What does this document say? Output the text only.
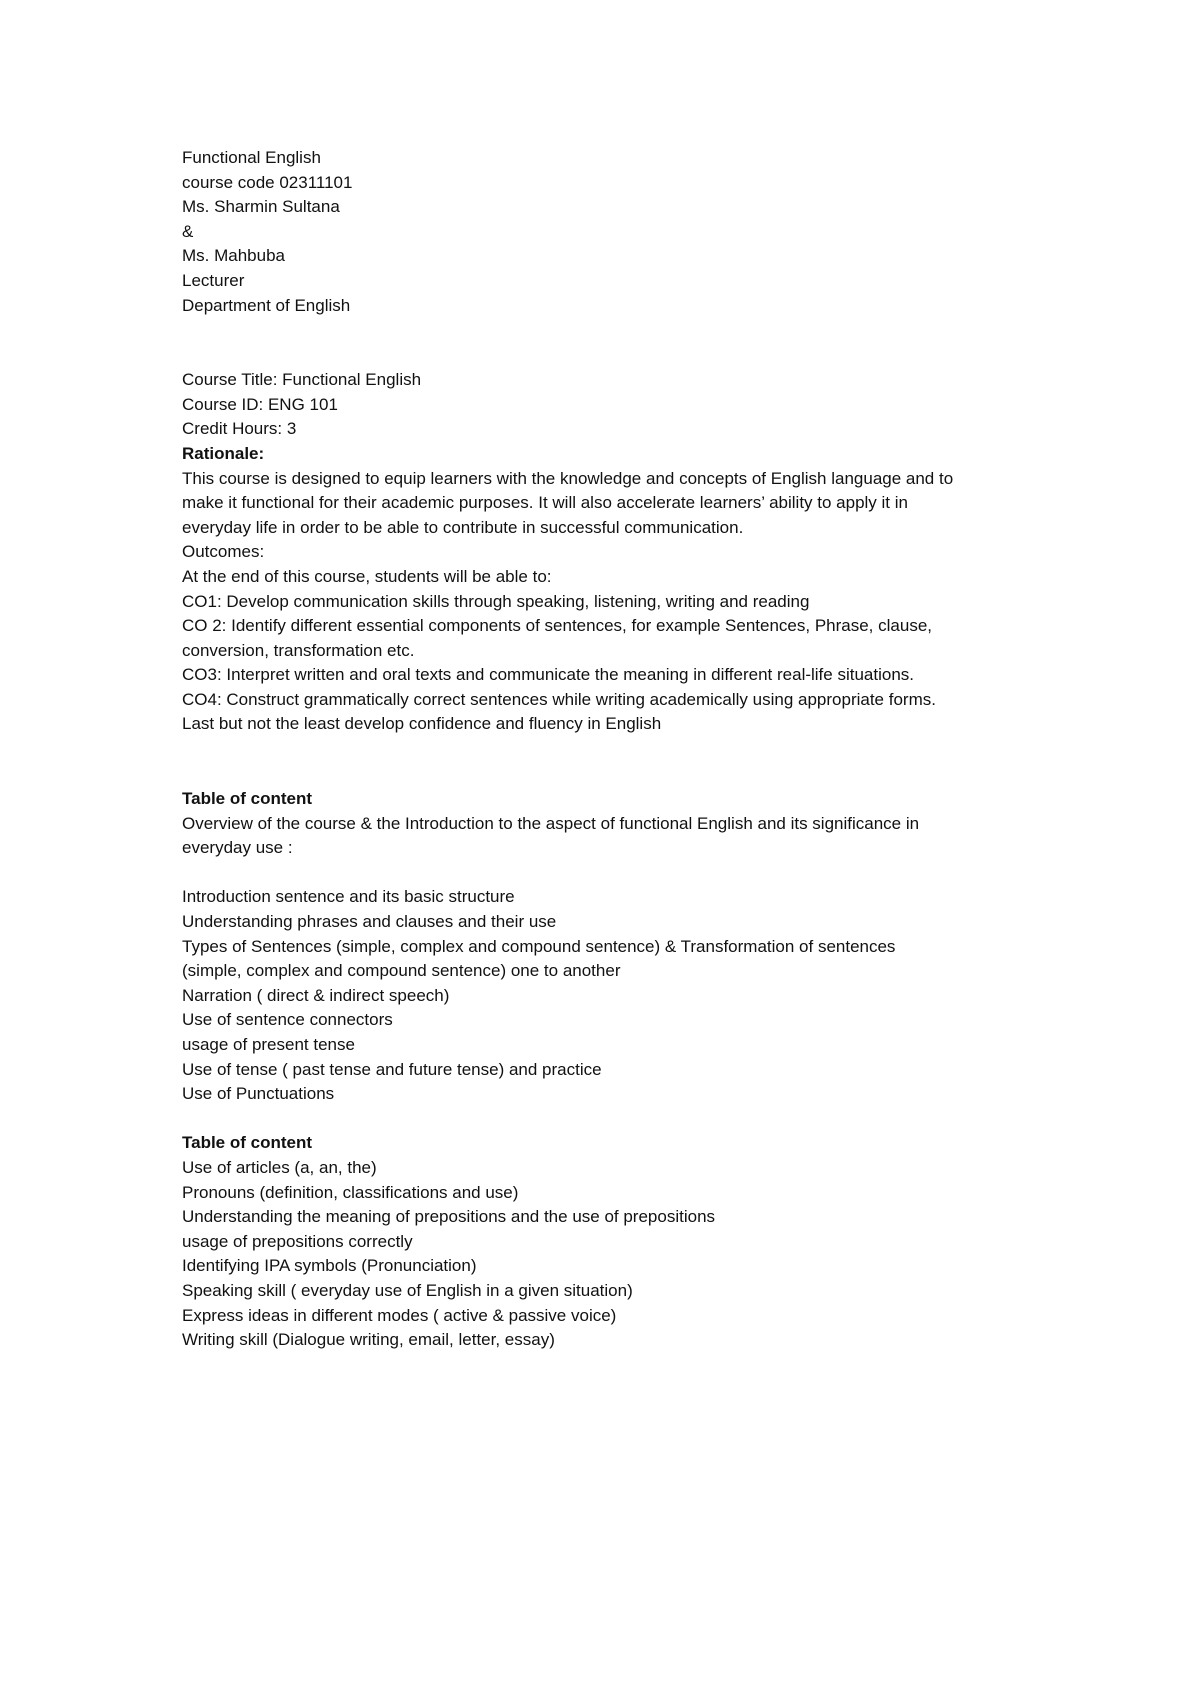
Functional English
course code 02311101
Ms. Sharmin Sultana
&
Ms. Mahbuba
Lecturer
Department of English
Course Title: Functional English
Course ID: ENG 101
Credit Hours: 3
Rationale:
This course is designed to equip learners with the knowledge and concepts of English language and to
make it functional for their academic purposes. It will also accelerate learners’ ability to apply it in
everyday life in order to be able to contribute in successful communication.
Outcomes:
At the end of this course, students will be able to:
CO1: Develop communication skills through speaking, listening, writing and reading
CO 2: Identify different essential components of sentences, for example Sentences, Phrase, clause,
conversion, transformation etc.
CO3: Interpret written and oral texts and communicate the meaning in different real-life situations.
CO4: Construct grammatically correct sentences while writing academically using appropriate forms.
Last but not the least develop confidence and fluency in English
Table of content
Overview of the course & the Introduction to the aspect of functional English and its significance in
everyday use :
Introduction sentence and its basic structure
Understanding phrases and clauses and their use
Types of Sentences (simple, complex and compound sentence) & Transformation of sentences
(simple, complex and compound sentence) one to another
Narration ( direct & indirect speech)
Use of sentence connectors
usage of present tense
Use of tense ( past tense and future tense) and practice
Use of Punctuations
Table of content
Use of articles (a, an, the)
Pronouns (definition, classifications and use)
Understanding the meaning of prepositions and the use of prepositions
usage of prepositions correctly
Identifying IPA symbols (Pronunciation)
Speaking skill ( everyday use of English in a given situation)
Express ideas in different modes ( active & passive voice)
Writing skill (Dialogue writing, email, letter, essay)
